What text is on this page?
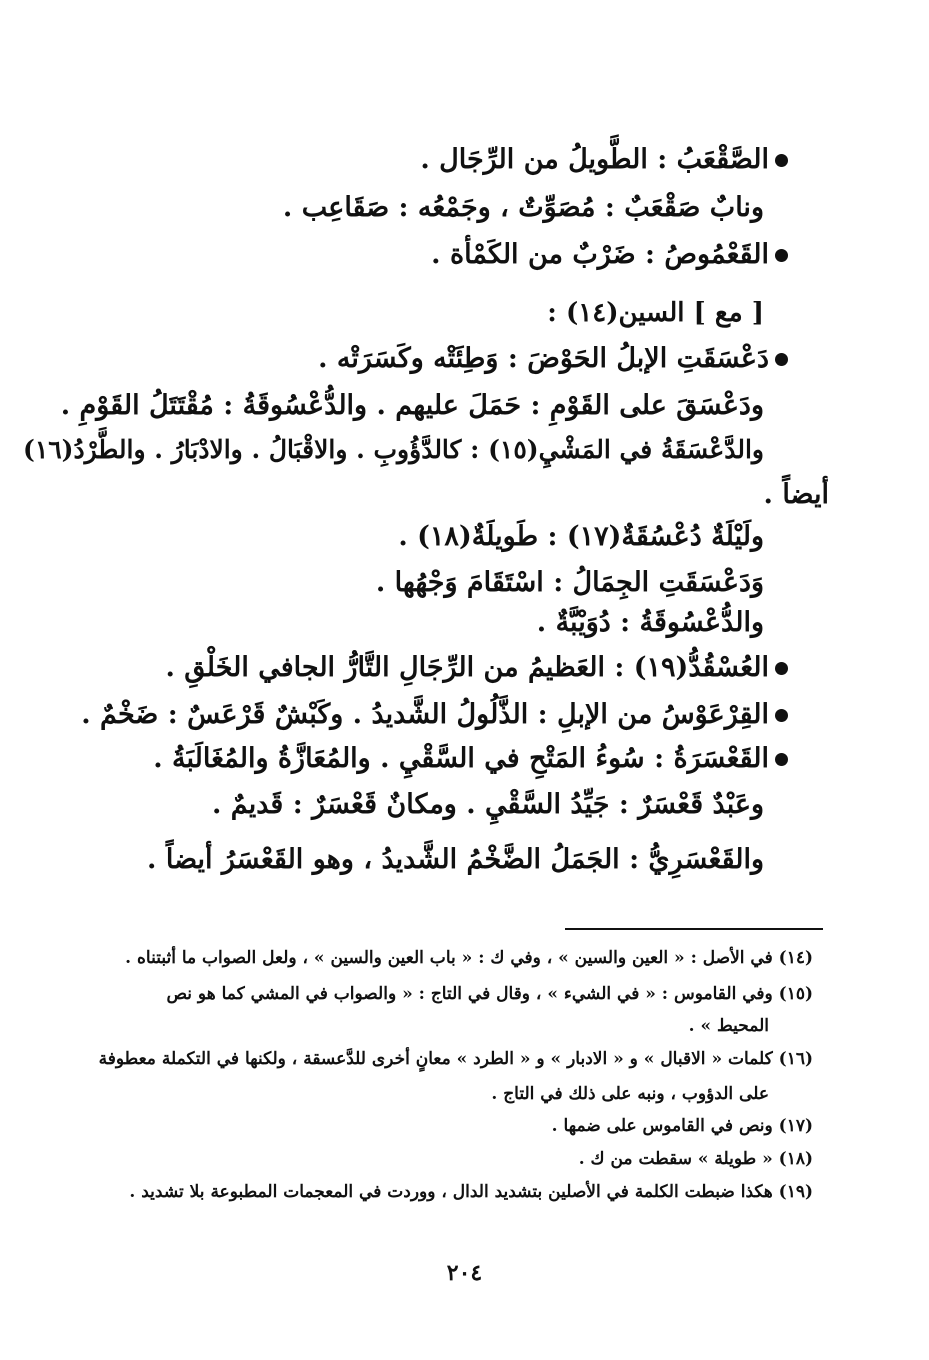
الصَّقْعَبُ : الطَّويلُ من الرِّجَال .
ونابٌ صَقْعَبٌ : مُصَوِّتٌ ، وجَمْعُه : صَقَاعِب .
القَعْمُوصُ : ضَرْبٌ من الكَمْأة .
[ مع ] السين(١٤) :
دَعْسَقَتِ الإبلُ الحَوْضَ : وَطِئَتْه وكَسَرَتْه .
ودَعْسَقَ على القَوْمِ : حَمَلَ عليهم . والدُّعْسُوقَةُ : مُقْتَتَلُ القَوْمِ .
والدَّعْسَقَةُ في المَشْيِ(١٥) : كالدَّؤُوبِ . والاقْبَالُ . والادْبَارُ . والطَّرْدُ(١٦)
أيضاً .
ولَيْلَةٌ دُعْسُقَةٌ(١٧) : طَويلَةٌ(١٨) .
وَدَعْسَقَتِ الجِمَالُ : اسْتَقَامَ وَجْهُها .
والدُّعْسُوقَةُ : دُوَيْبَّةٌ .
العُسْقُدُّ(١٩) : العَظيمُ من الرِّجَالِ التَّارُّ الجافي الخَلْقِ .
القِرْعَوْسُ من الإبلِ : الذَّلُولُ الشَّديدُ . وكَبْشٌ قَرْعَسٌ : ضَخْمٌ .
القَعْسَرَةُ : سُوءُ المَتْحِ في السَّقْيِ . والمُعَازَّةُ والمُغَالَبَةُ .
وعَبْدٌ قَعْسَرٌ : جَيِّدُ السَّقْيِ . ومكانٌ قَعْسَرٌ : قَديمٌ .
والقَعْسَرِيُّ : الجَمَلُ الضَّخْمُ الشَّديدُ ، وهو القَعْسَرُ أيضاً .
(١٤) في الأصل : « العين والسين » ، وفي ك : « باب العين والسين » ، ولعل الصواب ما أثبتناه .
(١٥) وفي القاموس : « في الشيء » ، وقال في التاج : « والصواب في المشي كما هو نص
المحيط » .
(١٦) كلمات « الاقبال » و « الادبار » و « الطرد » معانٍ أخرى للدَّعسقة ، ولكنها في التكملة معطوفة
على الدؤوب ، ونبه على ذلك في التاج .
(١٧) ونص في القاموس على ضمها .
(١٨) « طويلة » سقطت من ك .
(١٩) هكذا ضبطت الكلمة في الأصلين بتشديد الدال ، ووردت في المعجمات المطبوعة بلا تشديد .
٢٠٤
